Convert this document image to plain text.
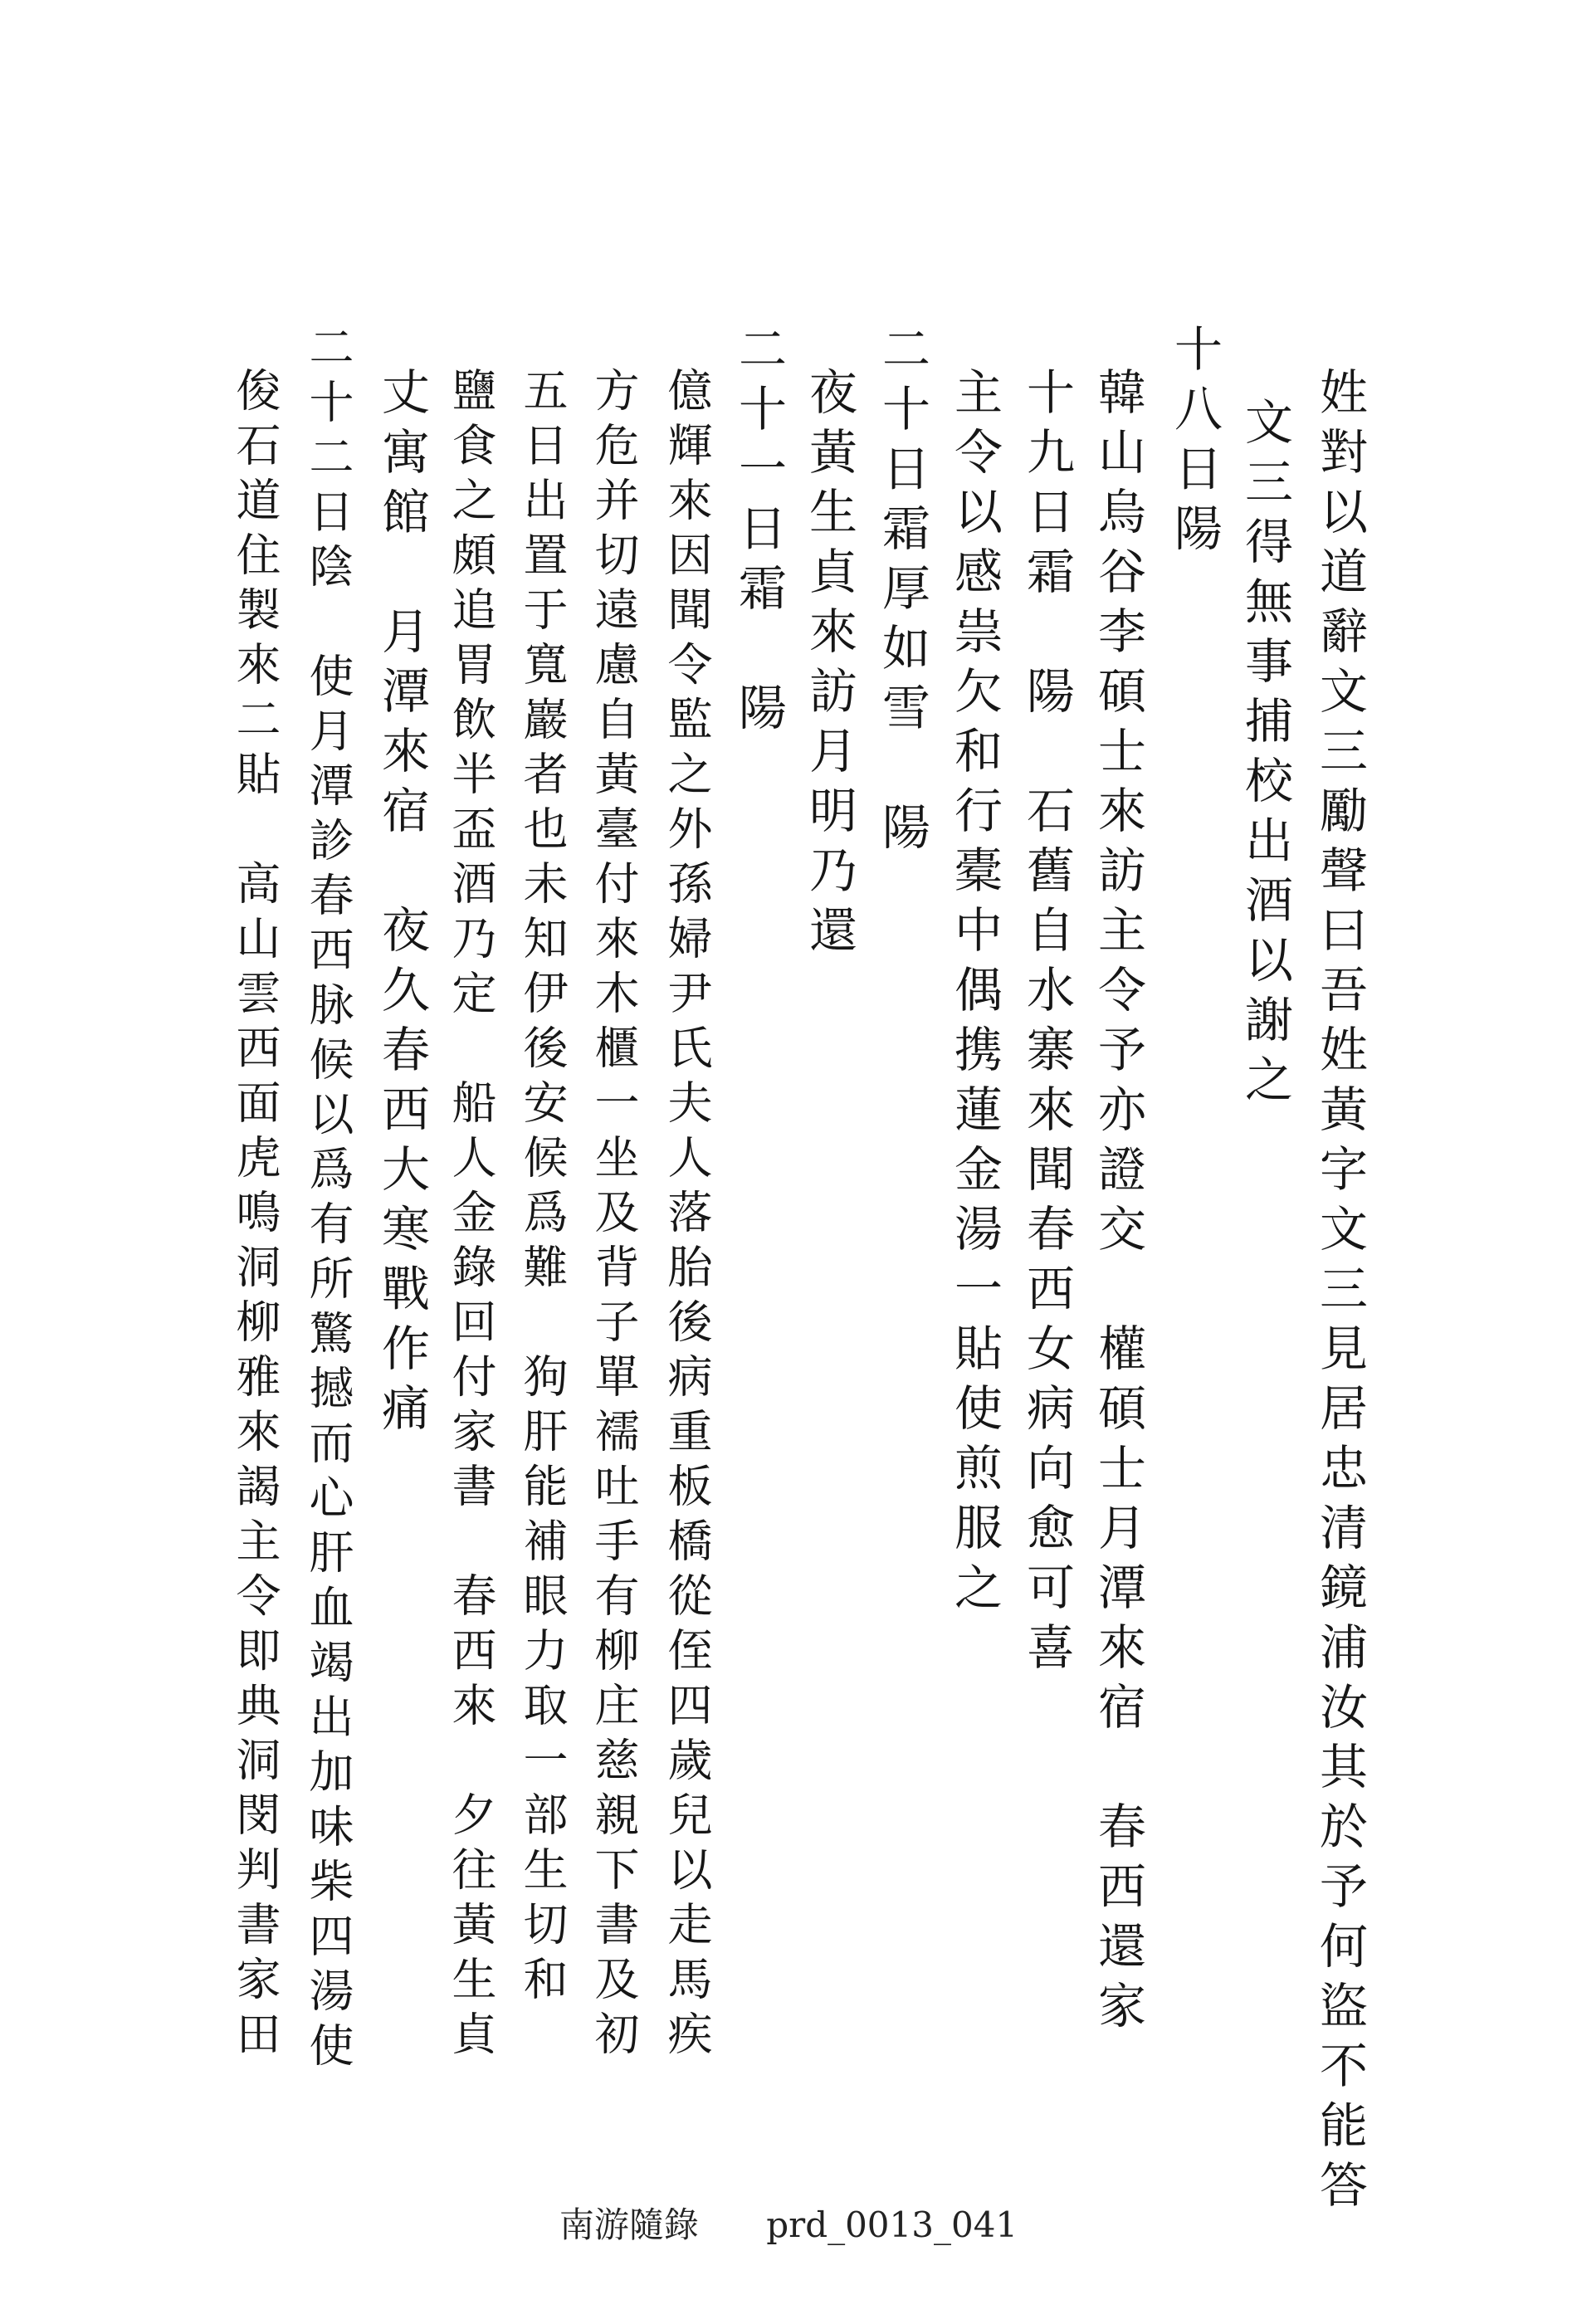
姓對以道辭文三勵聲曰吾姓黃字文三見居忠清鏡浦汝其於予何盜不能答
文三得無事捕校出酒以謝之
十八日陽
韓山烏谷李碩士來訪主令予亦證交　權碩士月潭來宿　春西還家
十九日霜　陽　石舊自水寨來聞春西女病向愈可喜
主令以感祟欠和行橐中偶携蓮金湯一貼使煎服之
二十日霜厚如雪　陽
夜黃生貞來訪月明乃還
二十一日霜　陽
億輝來因聞令監之外孫婦尹氏夫人落胎後病重板橋從侄四歲兒以走馬疾
方危并切遠慮自黃臺付來木櫃一坐及背子單襦吐手有柳庄慈親下書及初
五日出置于寬巖者也未知伊後安候爲難　狗肝能補眼力取一部生切和
鹽食之頗追胃飲半盃酒乃定　船人金錄回付家書　春西來　夕往黃生貞
丈寓館　月潭來宿　夜久春西大寒戰作痛
二十二日陰　使月潭診春西脉候以爲有所驚撼而心肝血竭出加味柴四湯使
俊石道住製來二貼　高山雲西面虎鳴洞柳雅來謁主令即典洞閔判書家田
南游隨錄 prd_0013_041
